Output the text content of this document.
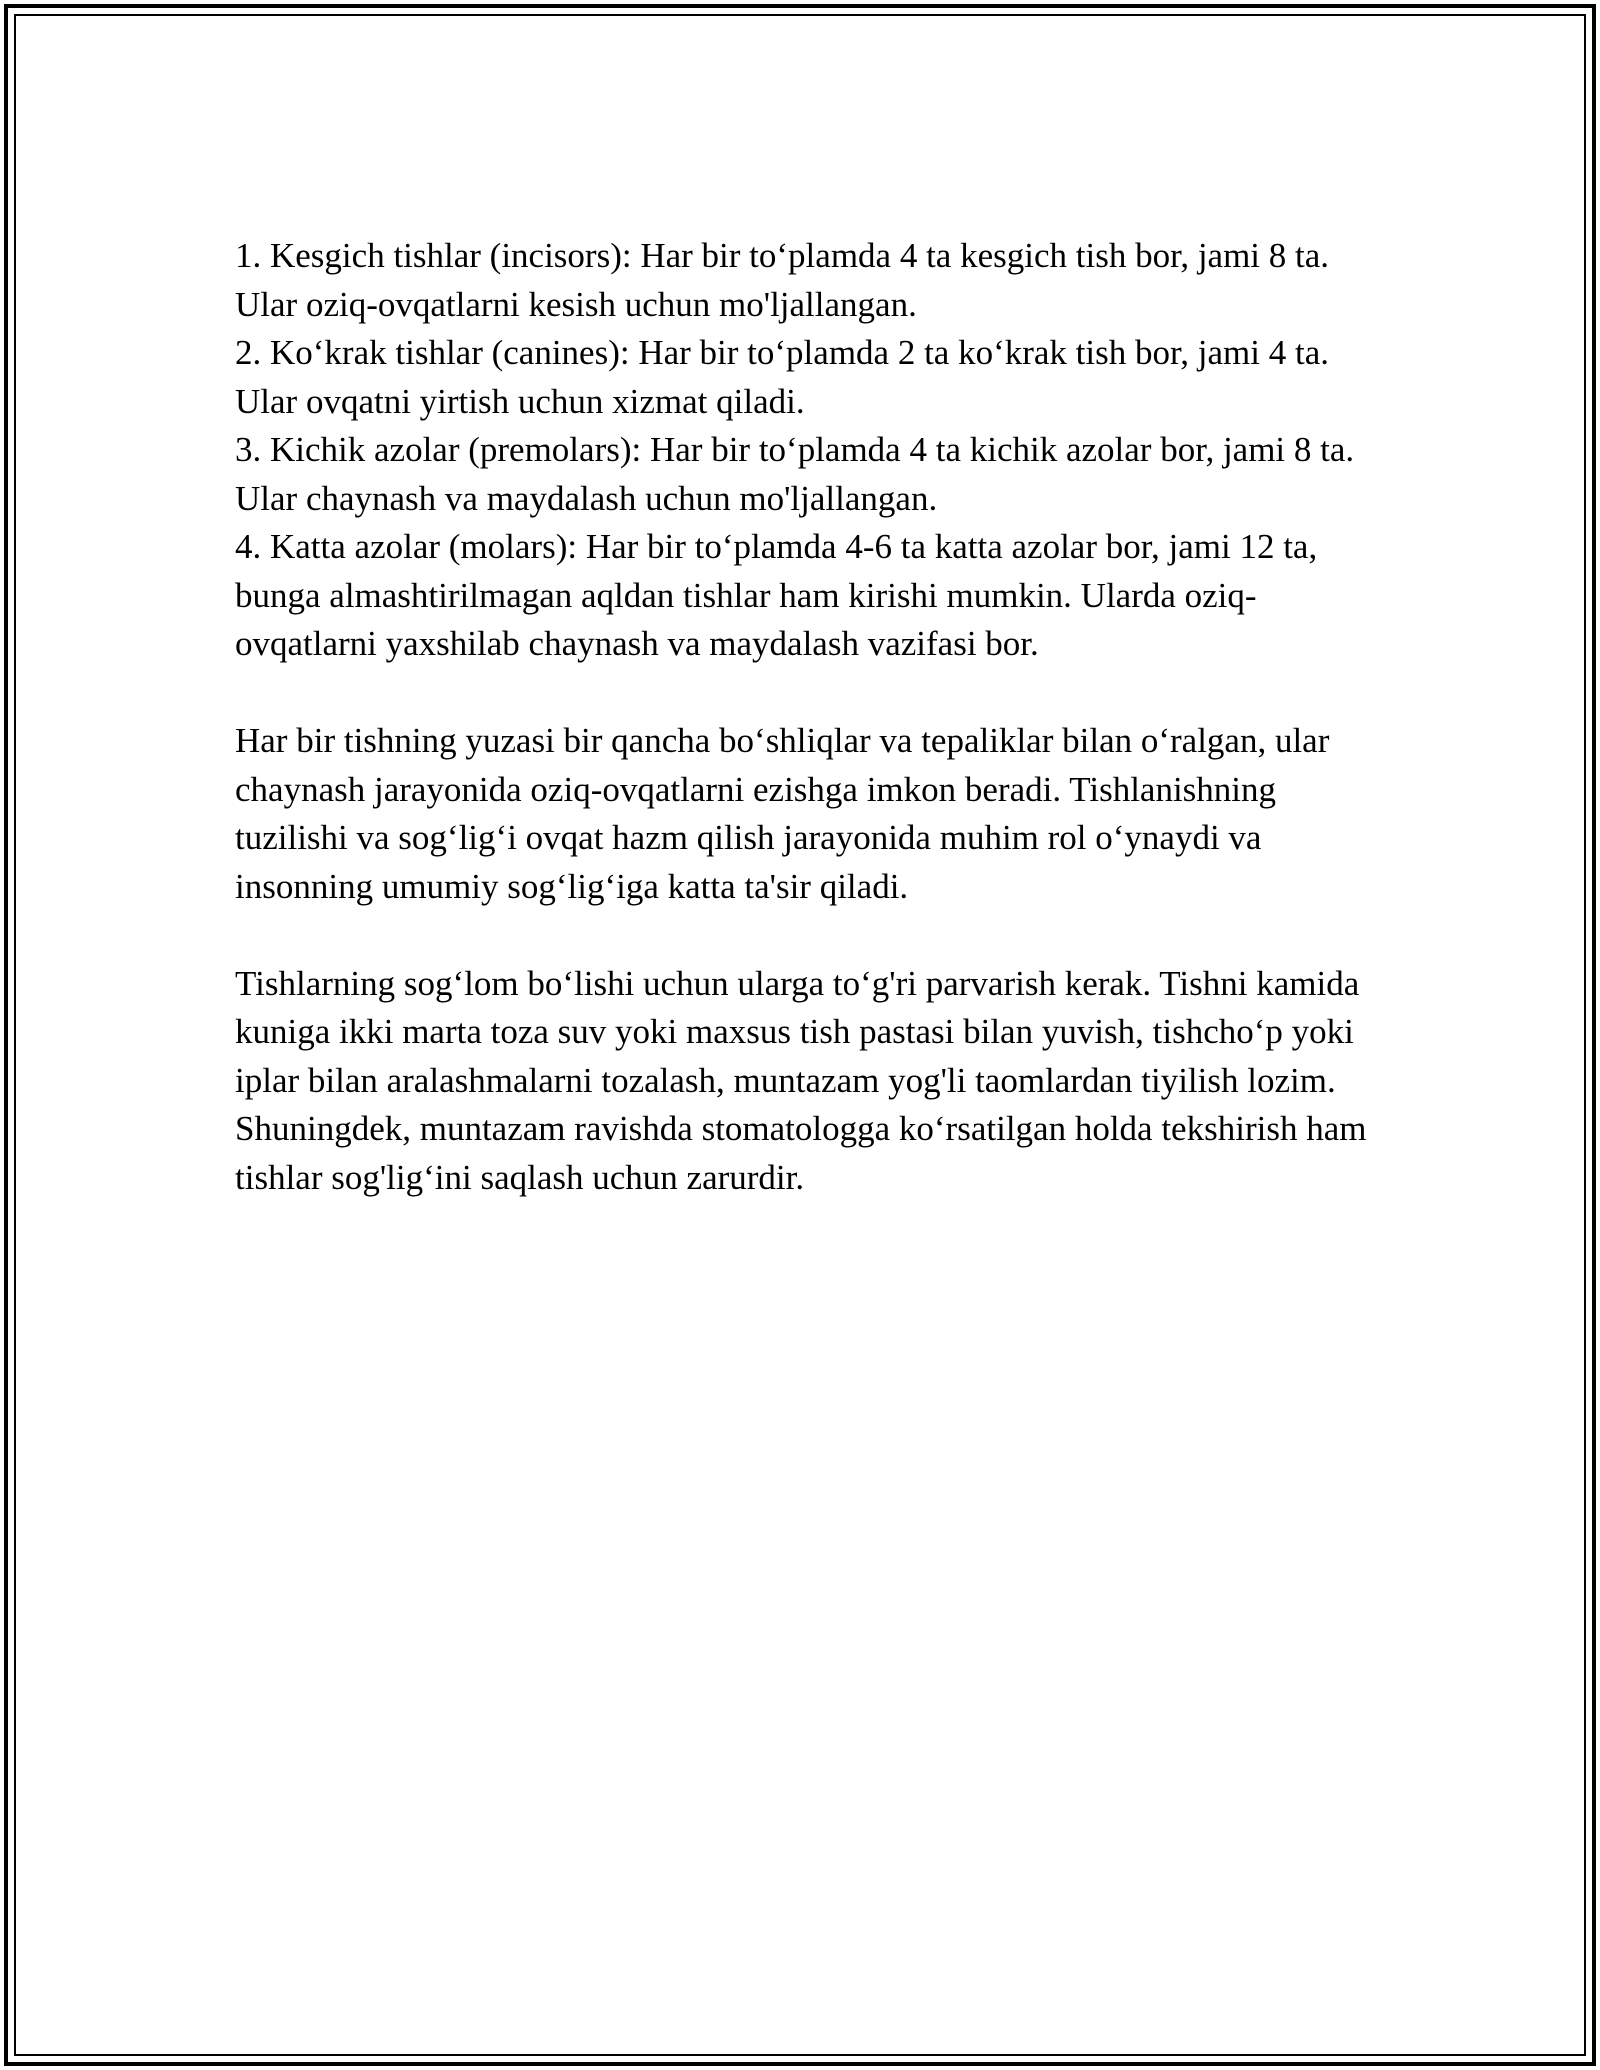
1. Kesgich tishlar (incisors): Har bir to‘plamda 4 ta kesgich tish bor, jami 8 ta. Ular oziq-ovqatlarni kesish uchun mo'ljallangan.

2. Ko‘krak tishlar (canines): Har bir to‘plamda 2 ta ko‘krak tish bor, jami 4 ta. Ular ovqatni yirtish uchun xizmat qiladi.

3. Kichik azolar (premolars): Har bir to‘plamda 4 ta kichik azolar bor, jami 8 ta. Ular chaynash va maydalash uchun mo'ljallangan.

4. Katta azolar (molars): Har bir to‘plamda 4-6 ta katta azolar bor, jami 12 ta, bunga almashtirilmagan aqldan tishlar ham kirishi mumkin. Ularda oziq-ovqatlarni yaxshilab chaynash va maydalash vazifasi bor.

Har bir tishning yuzasi bir qancha bo‘shliqlar va tepaliklar bilan o‘ralgan, ular chaynash jarayonida oziq-ovqatlarni ezishga imkon beradi. Tishlanishning tuzilishi va sog‘lig‘i ovqat hazm qilish jarayonida muhim rol o‘ynaydi va insonning umumiy sog‘lig‘iga katta ta'sir qiladi.

Tishlarning sog‘lom bo‘lishi uchun ularga to‘g'ri parvarish kerak. Tishni kamida kuniga ikki marta toza suv yoki maxsus tish pastasi bilan yuvish, tishcho‘p yoki iplar bilan aralashmalarni tozalash, muntazam yog'li taomlardan tiyilish lozim. Shuningdek, muntazam ravishda stomatologga ko‘rsatilgan holda tekshirish ham tishlar sog'lig‘ini saqlash uchun zarurdir.
